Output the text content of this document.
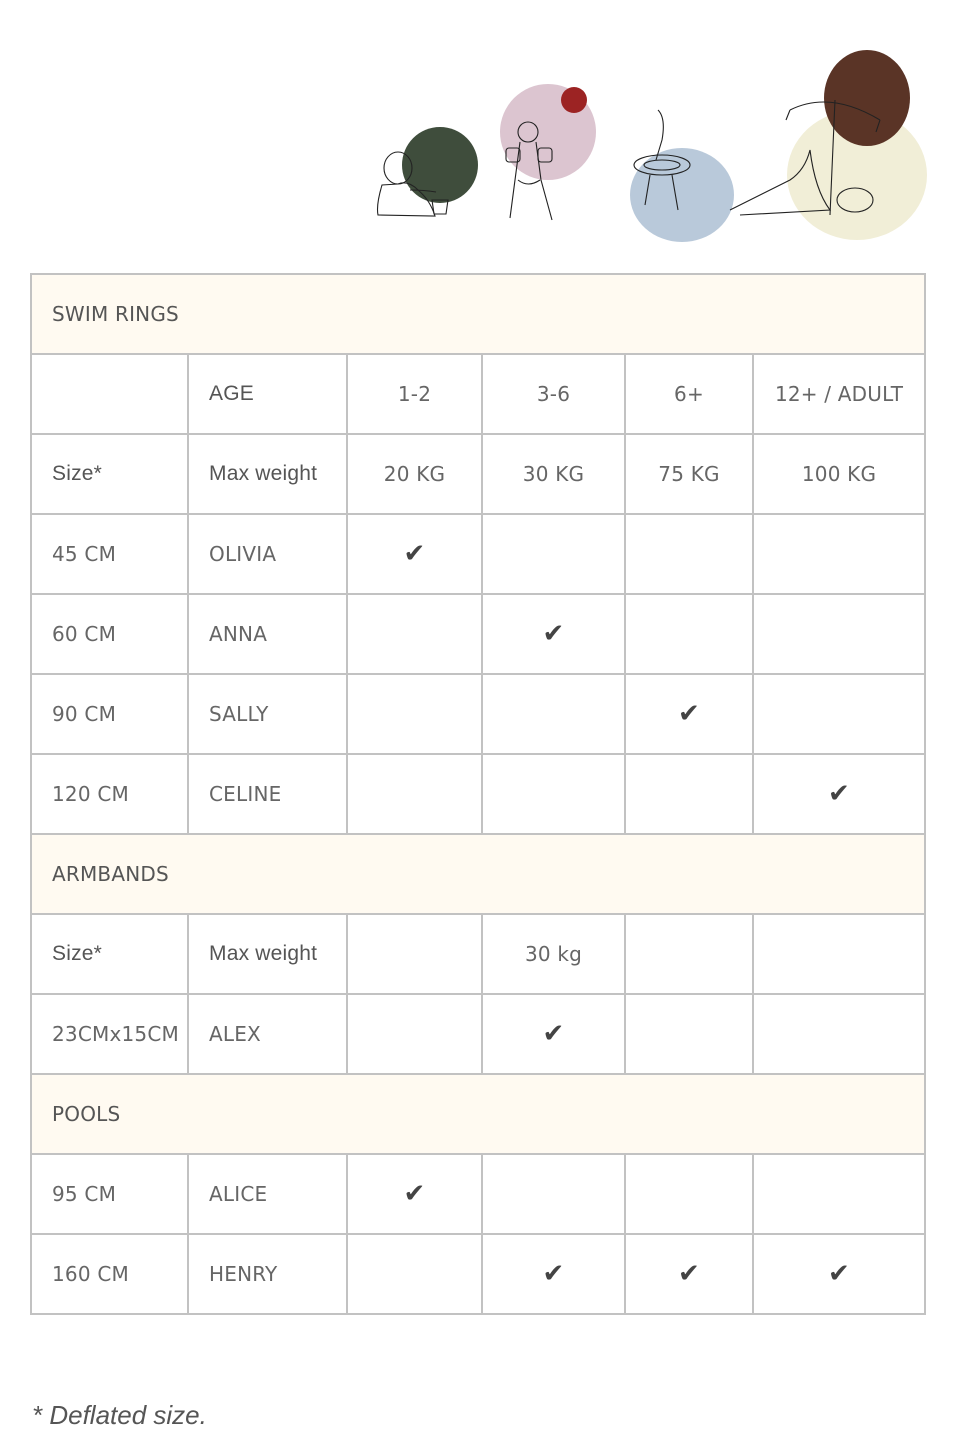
SWIM RINGS					
	AGE	1-2	3-6	6+	12+ / ADULT
Size*	Max weight	20 KG	30 KG	75 KG	100 KG
45 CM	OLIVIA	✔			
60 CM	ANNA		✔		
90 CM	SALLY			✔	
120 CM	CELINE				✔
ARMBANDS					
Size*	Max weight		30 kg		
23CMx15CM	ALEX		✔		
POOLS					
95 CM	ALICE	✔			
160 CM	HENRY		✔	✔	✔
* Deflated size.
